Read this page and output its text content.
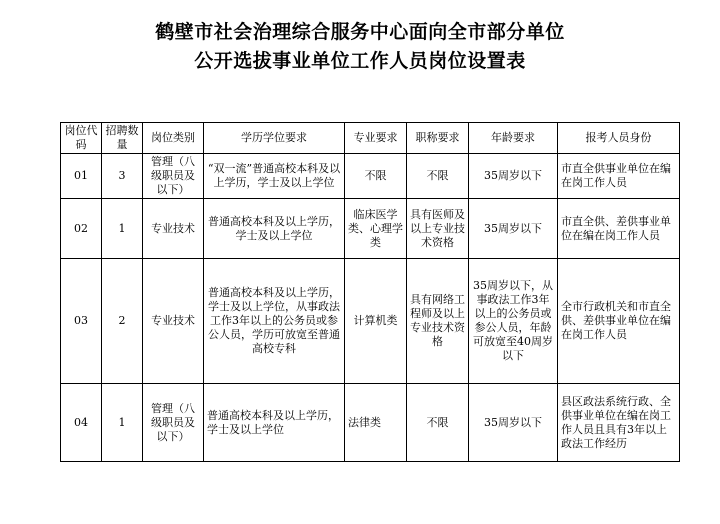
鹤壁市社会治理综合服务中心面向全市部分单位
公开选拔事业单位工作人员岗位设置表
岗位代码	招聘数量	岗位类别	学历学位要求	专业要求	职称要求	年龄要求	报考人员身份
01	3	管理（八级职员及以下）	“双一流”普通高校本科及以上学历，学士及以上学位	不限	不限	35周岁以下	市直全供事业单位在编在岗工作人员
02	1	专业技术	普通高校本科及以上学历，学士及以上学位	临床医学类、心理学类	具有医师及以上专业技术资格	35周岁以下	市直全供、差供事业单位在编在岗工作人员
03	2	专业技术	普通高校本科及以上学历，学士及以上学位，从事政法工作3年以上的公务员或参公人员，学历可放宽至普通高校专科	计算机类	具有网络工程师及以上专业技术资格	35周岁以下，从事政法工作3年以上的公务员或参公人员，年龄可放宽至40周岁以下	全市行政机关和市直全供、差供事业单位在编在岗工作人员
04	1	管理（八级职员及以下）	普通高校本科及以上学历，学士及以上学位	法律类	不限	35周岁以下	县区政法系统行政、全供事业单位在编在岗工作人员且具有3年以上政法工作经历
